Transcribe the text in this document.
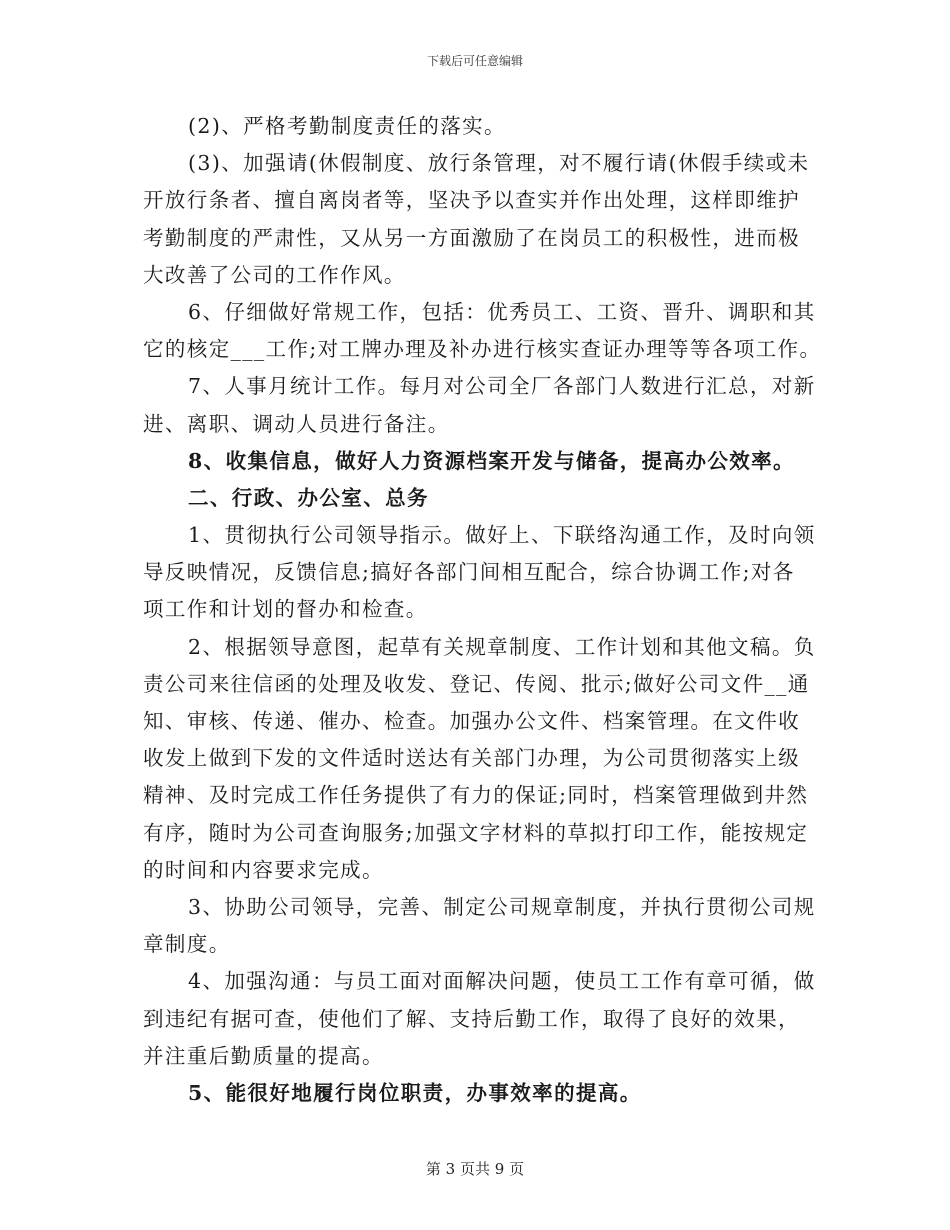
下载后可任意编辑
(2)、严格考勤制度责任的落实。
(3)、加强请(休假制度、放行条管理，对不履行请(休假手续或未
开放行条者、擅自离岗者等，坚决予以查实并作出处理，这样即维护
考勤制度的严肃性，又从另一方面激励了在岗员工的积极性，进而极
大改善了公司的工作作风。
6、仔细做好常规工作，包括：优秀员工、工资、晋升、调职和其
它的核定___工作;对工牌办理及补办进行核实查证办理等等各项工作。
7、人事月统计工作。每月对公司全厂各部门人数进行汇总，对新
进、离职、调动人员进行备注。
8、收集信息，做好人力资源档案开发与储备，提高办公效率。
二、行政、办公室、总务
1、贯彻执行公司领导指示。做好上、下联络沟通工作，及时向领
导反映情况，反馈信息;搞好各部门间相互配合，综合协调工作;对各
项工作和计划的督办和检查。
2、根据领导意图，起草有关规章制度、工作计划和其他文稿。负
责公司来往信函的处理及收发、登记、传阅、批示;做好公司文件__通
知、审核、传递、催办、检查。加强办公文件、档案管理。在文件收
收发上做到下发的文件适时送达有关部门办理，为公司贯彻落实上级
精神、及时完成工作任务提供了有力的保证;同时，档案管理做到井然
有序，随时为公司查询服务;加强文字材料的草拟打印工作，能按规定
的时间和内容要求完成。
3、协助公司领导，完善、制定公司规章制度，并执行贯彻公司规
章制度。
4、加强沟通：与员工面对面解决问题，使员工工作有章可循，做
到违纪有据可查，使他们了解、支持后勤工作，取得了良好的效果，
并注重后勤质量的提高。
5、能很好地履行岗位职责，办事效率的提高。
第 3 页共 9 页
